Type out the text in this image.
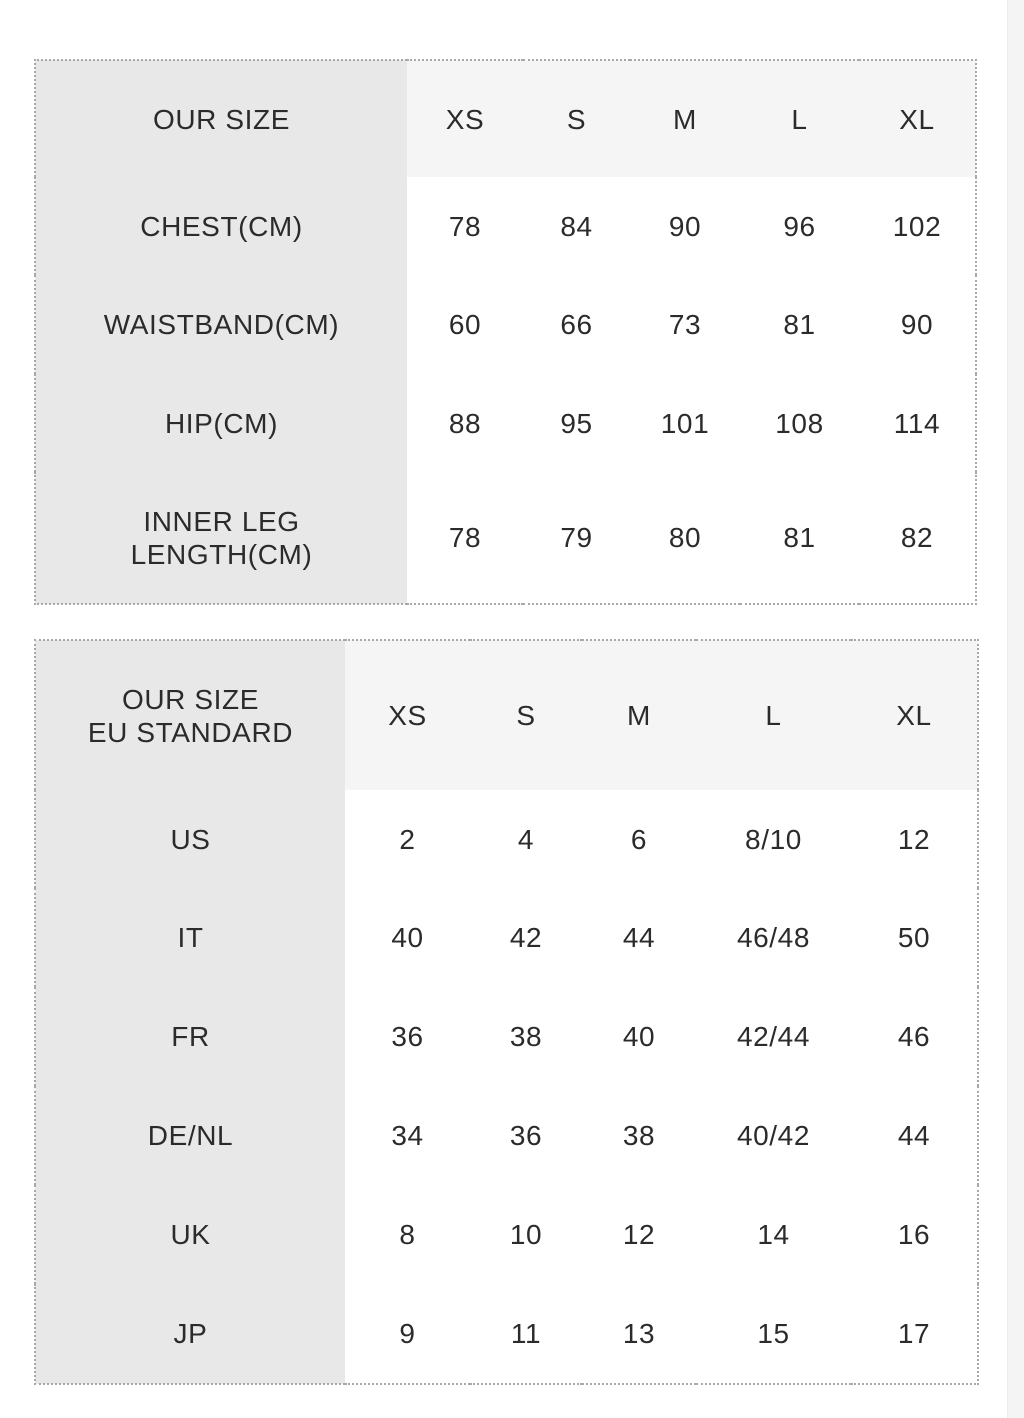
OUR SIZE	XS	S	M	L	XL
CHEST(CM)	78	84	90	96	102
WAISTBAND(CM)	60	66	73	81	90
HIP(CM)	88	95	101	108	114

INNER LEG
LENGTH(CM)	78	79	80	81	82
OUR SIZE
EU STANDARD	XS	S	M	L	XL
US	2	4	6	8/10	12
IT	40	42	44	46/48	50
FR	36	38	40	42/44	46
DE/NL	34	36	38	40/42	44
UK	8	10	12	14	16
JP	9	11	13	15	17
